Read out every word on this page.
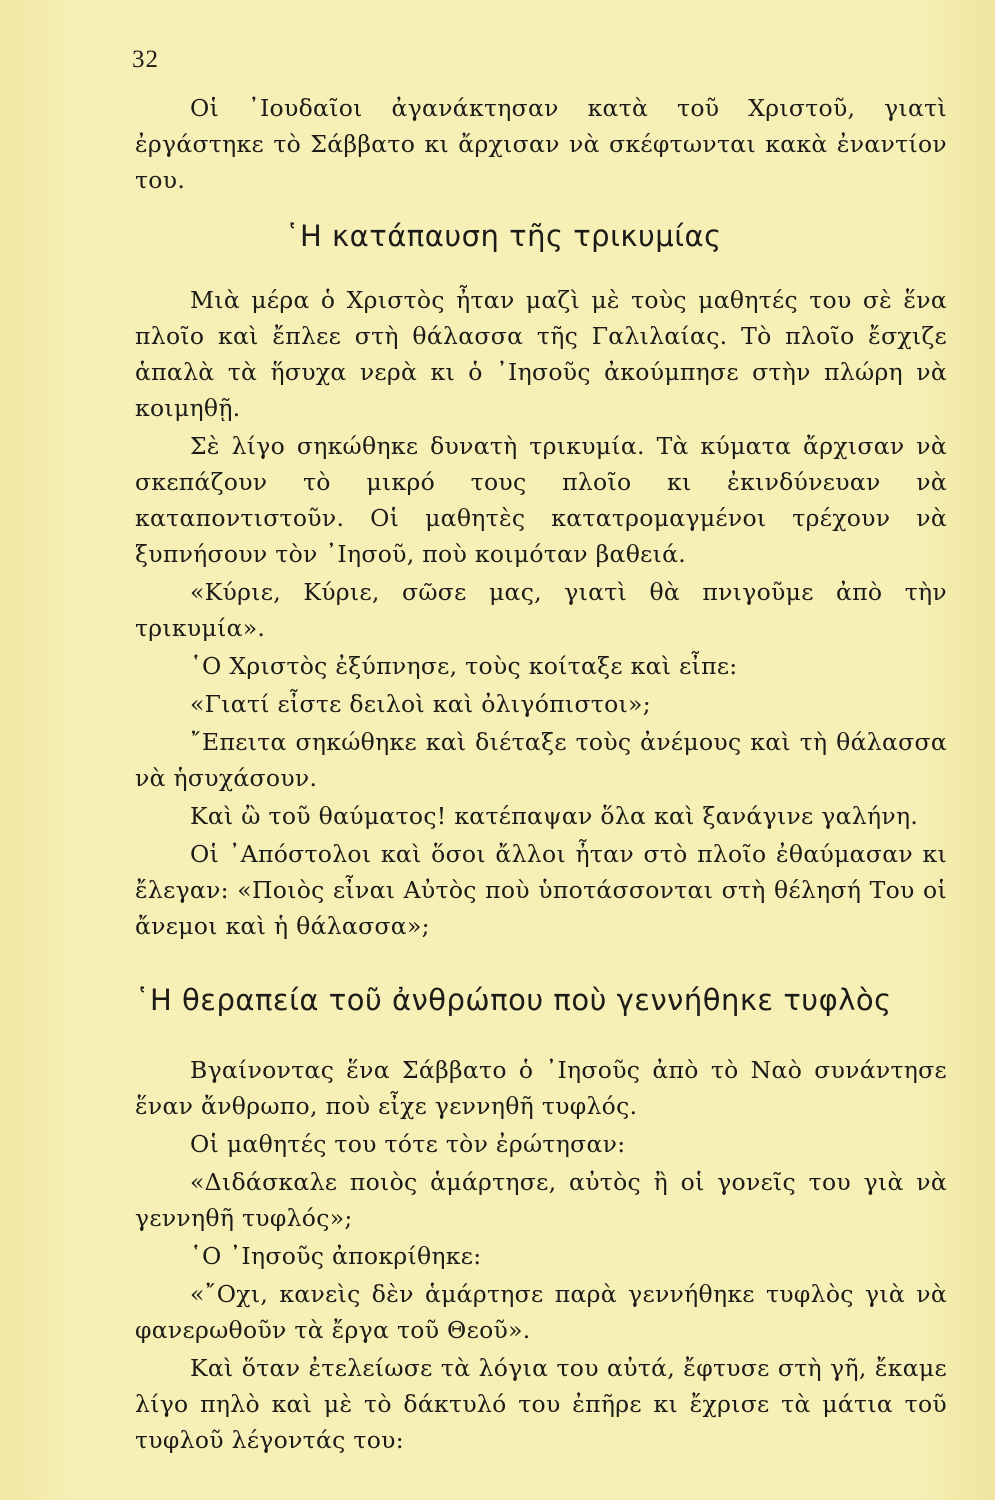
32

Οἱ ᾿Ιουδαῖοι ἀγανάκτησαν κατὰ τοῦ Χριστοῦ, γιατὶ ἐργάστηκε τὸ Σάββατο κι ἄρχισαν νὰ σκέφτωνται κακὰ ἐναντίον του.

῾Η κατάπαυση τῆς τρικυμίας

Μιὰ μέρα ὁ Χριστὸς ἦταν μαζὶ μὲ τοὺς μαθητές του σὲ ἕνα πλοῖο καὶ ἔπλεε στὴ θάλασσα τῆς Γαλιλαίας. Τὸ πλοῖο ἔσχιζε ἁπαλὰ τὰ ἥσυχα νερὰ κι ὁ ᾿Ιησοῦς ἀκούμπησε στὴν πλώρη νὰ κοιμηθῇ.

Σὲ λίγο σηκώθηκε δυνατὴ τρικυμία. Τὰ κύματα ἄρχισαν νὰ σκεπάζουν τὸ μικρό τους πλοῖο κι ἐκινδύνευαν νὰ καταποντιστοῦν. Οἱ μαθητὲς κατατρομαγμένοι τρέχουν νὰ ξυπνήσουν τὸν ᾿Ιησοῦ, ποὺ κοιμόταν βαθειά.

«Κύριε, Κύριε, σῶσε μας, γιατὶ θὰ πνιγοῦμε ἀπὸ τὴν τρικυμία».

῾Ο Χριστὸς ἐξύπνησε, τοὺς κοίταξε καὶ εἶπε:

«Γιατί εἶστε δειλοὶ καὶ ὀλιγόπιστοι»;

῎Επειτα σηκώθηκε καὶ διέταξε τοὺς ἀνέμους καὶ τὴ θάλασσα νὰ ἡσυχάσουν.

Καὶ ὢ τοῦ θαύματος! κατέπαψαν ὅλα καὶ ξανάγινε γαλήνη.

Οἱ ᾿Απόστολοι καὶ ὅσοι ἄλλοι ἦταν στὸ πλοῖο ἐθαύμασαν κι ἔλεγαν: «Ποιὸς εἶναι Αὐτὸς ποὺ ὑποτάσσονται στὴ θέλησή Του οἱ ἄνεμοι καὶ ἡ θάλασσα»;

῾Η θεραπεία τοῦ ἀνθρώπου ποὺ γεννήθηκε τυφλὸς

Βγαίνοντας ἕνα Σάββατο ὁ ᾿Ιησοῦς ἀπὸ τὸ Ναὸ συνάντησε ἕναν ἄνθρωπο, ποὺ εἶχε γεννηθῆ τυφλός.

Οἱ μαθητές του τότε τὸν ἐρώτησαν:

«Διδάσκαλε ποιὸς ἁμάρτησε, αὐτὸς ἢ οἱ γονεῖς του γιὰ νὰ γεννηθῆ τυφλός»;

῾Ο ᾿Ιησοῦς ἀποκρίθηκε:

«῎Οχι, κανεὶς δὲν ἁμάρτησε παρὰ γεννήθηκε τυφλὸς γιὰ νὰ φανερωθοῦν τὰ ἔργα τοῦ Θεοῦ».

Καὶ ὅταν ἐτελείωσε τὰ λόγια του αὐτά, ἔφτυσε στὴ γῆ, ἔκαμε λίγο πηλὸ καὶ μὲ τὸ δάκτυλό του ἐπῆρε κι ἔχρισε τὰ μάτια τοῦ τυφλοῦ λέγοντάς του:
